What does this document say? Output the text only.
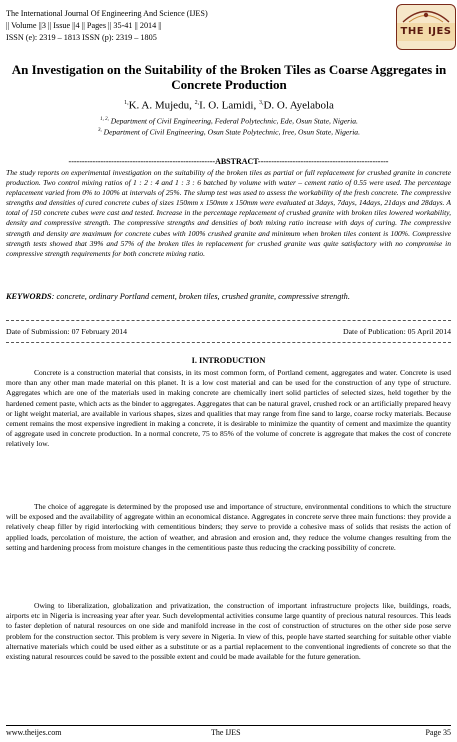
The International Journal Of Engineering And Science (IJES)
|| Volume ||3 || Issue ||4 || Pages || 35-41 || 2014 ||
ISSN (e): 2319 – 1813 ISSN (p): 2319 – 1805
THE IJES
An Investigation on the Suitability of the Broken Tiles as Coarse Aggregates in Concrete Production
$^{1,}$K. A. Mujedu, $^{2,}$I. O. Lamidi, $^{3,}$D. O. Ayelabola
$^{1, 2,}$ Department of Civil Engineering, Federal Polytechnic, Ede, Osun State, Nigeria.
$^{3,}$ Department of Civil Engineering, Osun State Polytechnic, Iree, Osun State, Nigeria.
-------------------------------------------------------ABSTRACT-------------------------------------------------
The study reports on experimental investigation on the suitability of the broken tiles as partial or full replacement for crushed granite in concrete production. Two control mixing ratios of 1 : 2 : 4 and 1 : 3 : 6 batched by volume with water – cement ratio of 0.55 were used. The percentage replacement varied from 0% to 100% at intervals of 25%. The slump test was used to assess the workability of the fresh concrete. The compressive strengths and densities of cured concrete cubes of sizes 150mm x 150mm x 150mm were evaluated at 3days, 7days, 14days, 21days and 28days. A total of 150 concrete cubes were cast and tested. Increase in the percentage replacement of crushed granite with broken tiles lowered workability, density and compressive strength. The compressive strengths and densities of both mixing ratio increase with days of curing. The compressive strength and density are maximum for concrete cubes with 100% crushed granite and minimum when broken tiles content is 100%. Compressive strength tests showed that 39% and 57% of the broken tiles in replacement for crushed granite was quite satisfactory with no compromise in compressive strength requirements for both concrete mixing ratio.
KEYWORDS: concrete, ordinary Portland cement, broken tiles, crushed granite, compressive strength.
Date of Submission: 07 February 2014	Date of Publication: 05 April 2014
I. INTRODUCTION
Concrete is a construction material that consists, in its most common form, of Portland cement, aggregates and water. Concrete is used more than any other man made material on this planet. It is a low cost material and can be used for the construction of any type of structure. Aggregates which are one of the materials used in making concrete are chemically inert solid particles of selected sizes, held together by the hardened cement paste, which acts as the binder to aggregates. Aggregates that can be natural gravel, crushed rock or an artificially prepared heavy or light weight material, are available in various shapes, sizes and qualities that may range from fine sand to large, coarse rocky materials. Because cement remains the most expensive ingredient in making a concrete, it is desirable to minimize the quantity of cement and maximize the quantity of aggregate used in concrete production. In a normal concrete, 75 to 85% of the volume of concrete is aggregate that makes the cost of concrete relatively low.
The choice of aggregate is determined by the proposed use and importance of structure, environmental conditions to which the structure will be exposed and the availability of aggregate within an economical distance. Aggregates in concrete serve three main functions: they provide a relatively cheap filler by rigid interlocking with cementitious binders; they serve to provide a cohesive mass of solids that resists the action of applied loads, percolation of moisture, the action of weather, and abrasion and erosion and, they reduce the volume changes resulting from the setting and hardening process from moisture changes in the cementitious paste thus reducing the cracking possibility of concrete.
Owing to liberalization, globalization and privatization, the construction of important infrastructure projects like, buildings, roads, airports etc in Nigeria is increasing year after year. Such developmental activities consume large quantity of precious natural resources. This leads to faster depletion of natural resources on one side and manifold increase in the cost of construction of structures on the other side pose serve problem for the construction sector. This problem is very severe in Nigeria. In view of this, people have started searching for suitable other viable alternative materials which could be used either as a substitute or as a partial replacement to the conventional ingredients of concrete so that the existing natural resources could be saved to the possible extent and could be made available for the future generation.
www.theijes.com	The IJES	Page 35
